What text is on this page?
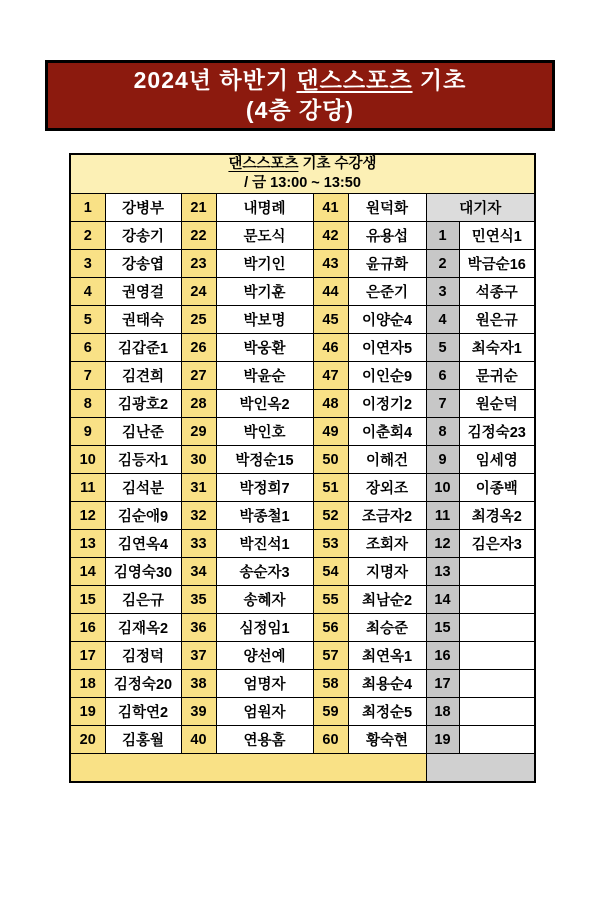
2024년 하반기 댄스스포츠 기초
(4층 강당)
댄스스포츠 기초 수강생
/ 금 13:00 ~ 13:50							

1	강병부	21	내명례	41	원덕화	대기자	
2	강송기	22	문도식	42	유용섭	1	민연식1
3	강송엽	23	박기인	43	윤규화	2	박금순16
4	권영걸	24	박기훈	44	은준기	3	석종구
5	권태숙	25	박보명	45	이양순4	4	원은규
6	김갑준1	26	박웅환	46	이연자5	5	최숙자1
7	김견희	27	박윤순	47	이인순9	6	문귀순
8	김광호2	28	박인옥2	48	이정기2	7	원순덕
9	김난준	29	박인호	49	이춘회4	8	김정숙23
10	김등자1	30	박정순15	50	이해건	9	임세영
11	김석분	31	박정희7	51	장외조	10	이종백
12	김순애9	32	박종철1	52	조금자2	11	최경옥2
13	김연옥4	33	박진석1	53	조회자	12	김은자3
14	김영숙30	34	송순자3	54	지명자	13	
15	김은규	35	송혜자	55	최남순2	14	
16	김재옥2	36	심정임1	56	최승준	15	
17	김정덕	37	양선예	57	최연옥1	16	
18	김정숙20	38	엄명자	58	최용순4	17	
19	김학연2	39	엄원자	59	최정순5	18	
20	김홍월	40	연용홈	60	황숙현	19	
